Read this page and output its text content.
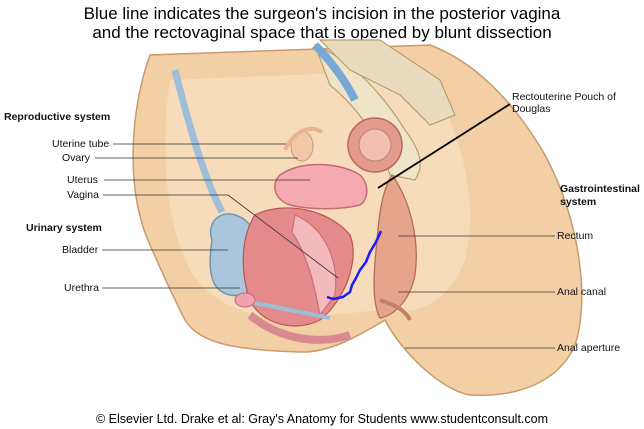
Blue line indicates the surgeon's incision in the posterior vagina
and the rectovaginal space that is opened by blunt dissection
Reproductive system
Urinary system
Gastrointestinal
system
Uterine tube
Ovary
Uterus
Vagina
Bladder
Urethra
Rectouterine Pouch of
Douglas
Rectum
Anal canal
Anal aperture
© Elsevier Ltd. Drake et al: Gray's Anatomy for Students www.studentconsult.com
